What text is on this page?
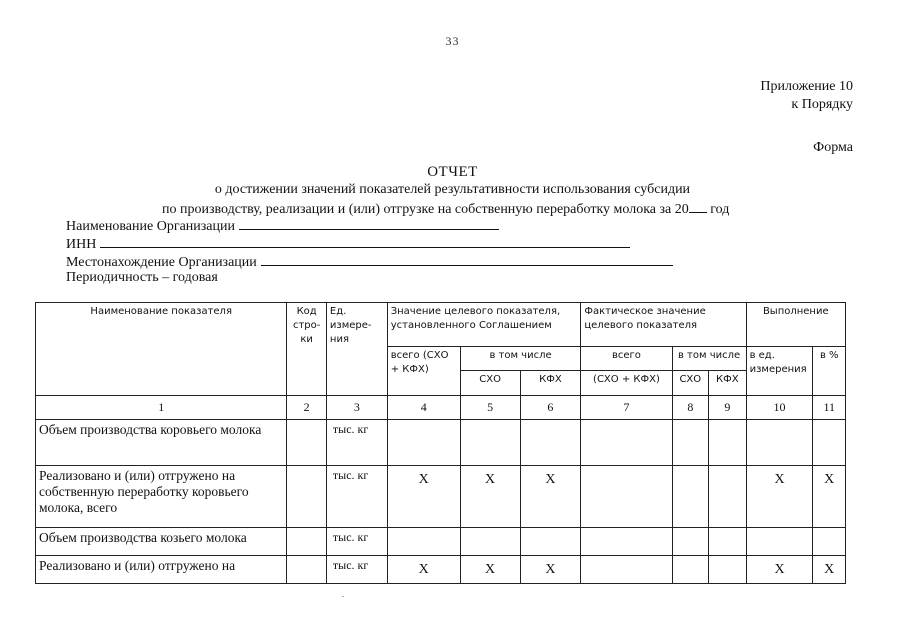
33
Приложение 10
к Порядку
Форма
ОТЧЕТ
о достижении значений показателей результативности использования субсидии
по производству, реализации и (или) отгрузке на собственную переработку молока за 20 год
Наименование Организации
ИНН
Местонахождение Организации
Периодичность – годовая
Наименование показателя	Код стро-ки	Ед. измере-ния	Значение целевого показателя, установленного Соглашением			Фактическое значение целевого показателя			Выполнение	
			всего (СХО + КФХ)	в том числе		всего	в том числе		в ед. измерения	в %
				СХО	КФХ	(СХО + КФХ)	СХО	КФХ		
1	2	3	4	5	6	7	8	9	10	11
Объем производства коровьего молока		тыс. кг								
Реализовано и (или) отгружено на собственную переработку коровьего молока, всего		тыс. кг	Х	Х	Х				Х	Х
Объем производства козьего молока		тыс. кг								
Реализовано и (или) отгружено на		тыс. кг	Х	Х	Х				Х	Х
